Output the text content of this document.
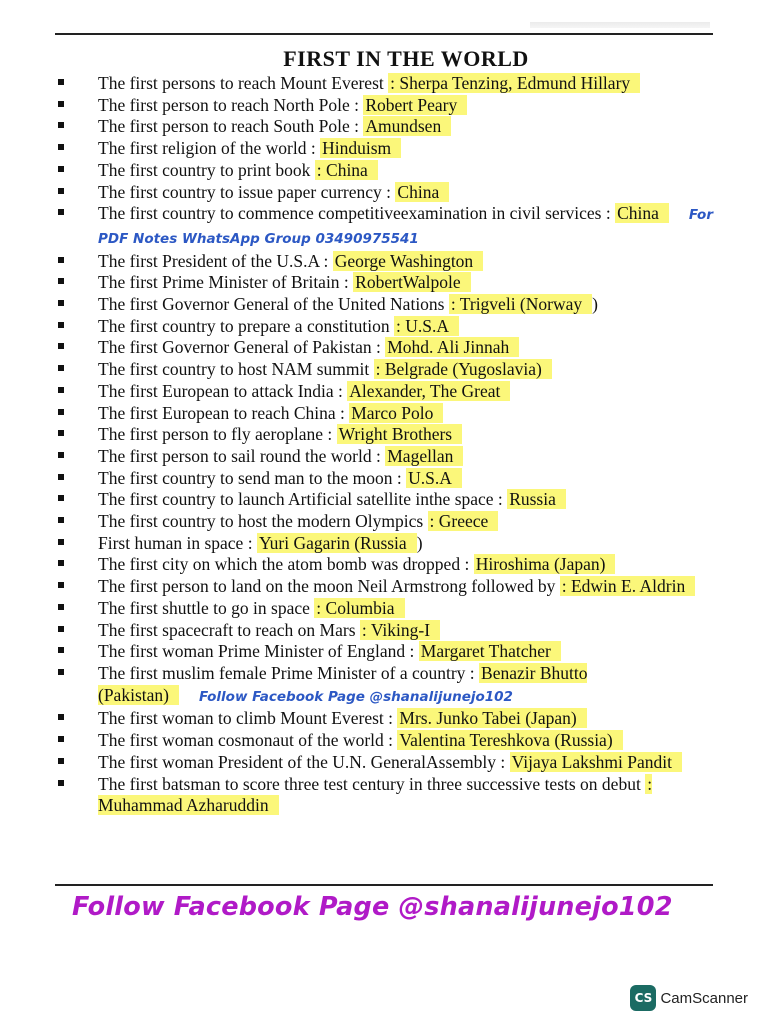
FIRST IN THE WORLD
The first persons to reach Mount Everest : Sherpa Tenzing, Edmund Hillary
The first person to reach North Pole : Robert Peary
The first person to reach South Pole : Amundsen
The first religion of the world : Hinduism
The first country to print book : China
The first country to issue paper currency : China
The first country to commence competitiveexamination in civil services : China For PDF Notes WhatsApp Group 03490975541
The first President of the U.S.A : George Washington
The first Prime Minister of Britain : RobertWalpole
The first Governor General of the United Nations : Trigveli (Norway )
The first country to prepare a constitution : U.S.A
The first Governor General of Pakistan : Mohd. Ali Jinnah
The first country to host NAM summit : Belgrade (Yugoslavia)
The first European to attack India : Alexander, The Great
The first European to reach China : Marco Polo
The first person to fly aeroplane : Wright Brothers
The first person to sail round the world : Magellan
The first country to send man to the moon : U.S.A
The first country to launch Artificial satellite inthe space : Russia
The first country to host the modern Olympics : Greece
First human in space : Yuri Gagarin (Russia )
The first city on which the atom bomb was dropped : Hiroshima (Japan)
The first person to land on the moon Neil Armstrong followed by : Edwin E. Aldrin
The first shuttle to go in space : Columbia
The first spacecraft to reach on Mars : Viking-I
The first woman Prime Minister of England : Margaret Thatcher
The first muslim female Prime Minister of a country : Benazir Bhutto (Pakistan) Follow Facebook Page @shanalijunejo102
The first woman to climb Mount Everest : Mrs. Junko Tabei (Japan)
The first woman cosmonaut of the world : Valentina Tereshkova (Russia)
The first woman President of the U.N. GeneralAssembly : Vijaya Lakshmi Pandit
The first batsman to score three test century in three successive tests on debut : Muhammad Azharuddin
Follow Facebook Page @shanalijunejo102
CS CamScanner
